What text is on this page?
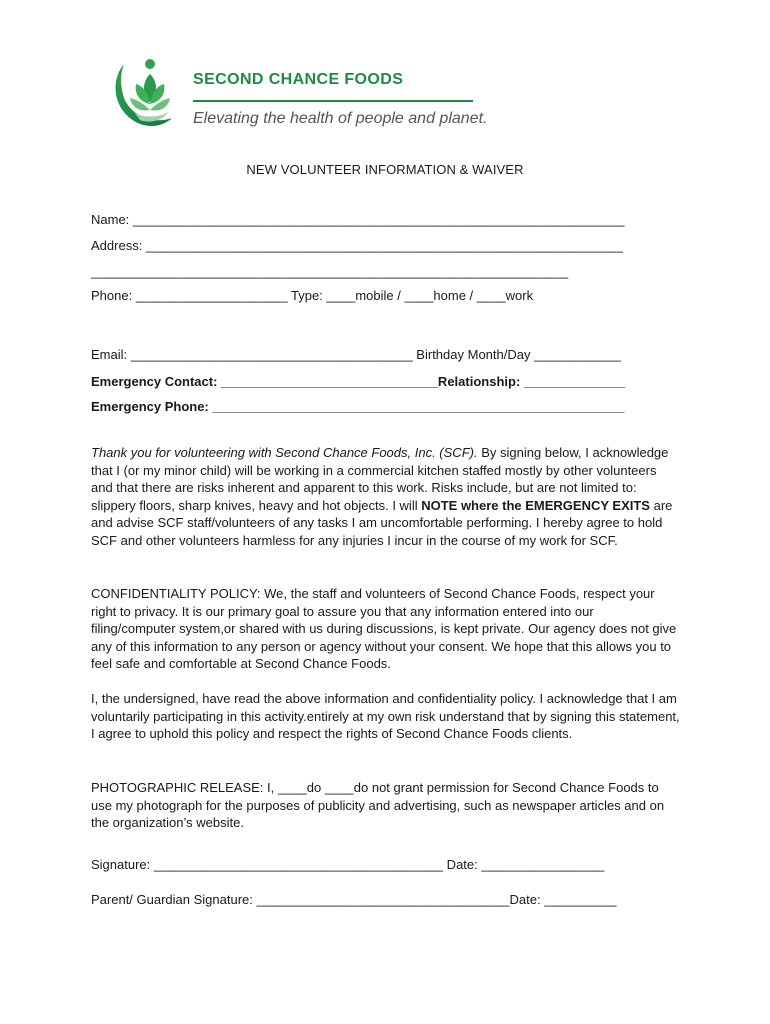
SECOND CHANCE FOODS
Elevating the health of people and planet.
NEW VOLUNTEER INFORMATION & WAIVER
Name: ____________________________________________________________________
Address: __________________________________________________________________
__________________________________________________________________
Phone: _____________________ Type: ____mobile / ____home / ____work
Email: _______________________________________ Birthday Month/Day ____________
Emergency Contact: ______________________________Relationship: ______________
Emergency Phone: _________________________________________________________

Thank you for volunteering with Second Chance Foods, Inc. (SCF). By signing below, I acknowledge that I (or my minor child) will be working in a commercial kitchen staffed mostly by other volunteers and that there are risks inherent and apparent to this work. Risks include, but are not limited to: slippery floors, sharp knives, heavy and hot objects. I will NOTE where the EMERGENCY EXITS are and advise SCF staff/volunteers of any tasks I am uncomfortable performing. I hereby agree to hold SCF and other volunteers harmless for any injuries I incur in the course of my work for SCF.

CONFIDENTIALITY POLICY: We, the staff and volunteers of Second Chance Foods, respect your right to privacy. It is our primary goal to assure you that any information entered into our filing/computer system,or shared with us during discussions, is kept private. Our agency does not give any of this information to any person or agency without your consent. We hope that this allows you to feel safe and comfortable at Second Chance Foods.

I, the undersigned, have read the above information and confidentiality policy. I acknowledge that I am voluntarily participating in this activity.entirely at my own risk understand that by signing this statement, I agree to uphold this policy and respect the rights of Second Chance Foods clients.

PHOTOGRAPHIC RELEASE: I, ____do ____do not grant permission for Second Chance Foods to use my photograph for the purposes of publicity and advertising, such as newspaper articles and on the organization’s website.

Signature: ________________________________________ Date: _________________
Parent/ Guardian Signature: ___________________________________Date: __________
